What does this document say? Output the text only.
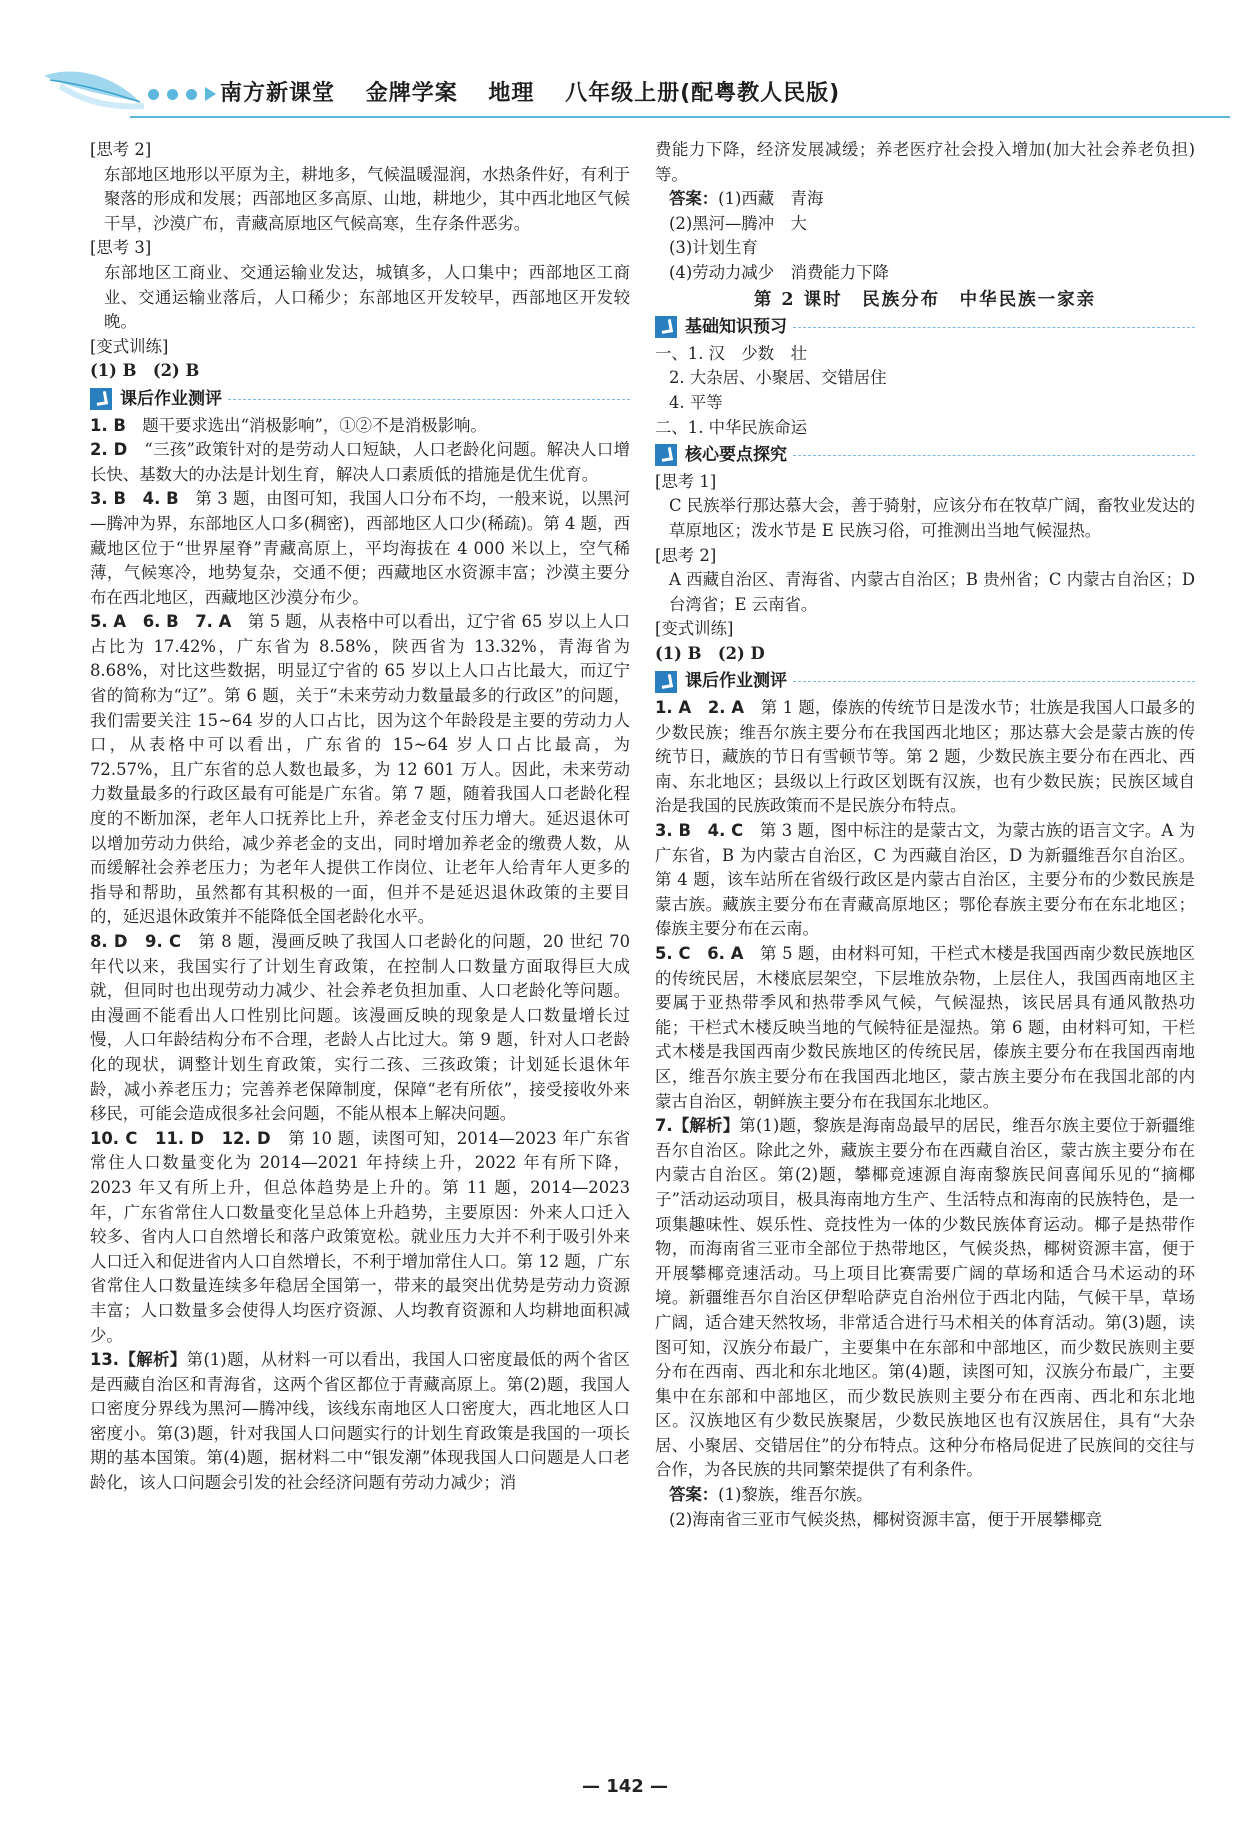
南方新课堂 金牌学案 地理 八年级上册(配粤教人民版)
[思考 2]
东部地区地形以平原为主，耕地多，气候温暖湿润，水热条件好，有利于聚落的形成和发展；西部地区多高原、山地，耕地少，其中西北地区气候干旱，沙漠广布，青藏高原地区气候高寒，生存条件恶劣。
[思考 3]
东部地区工商业、交通运输业发达，城镇多，人口集中；西部地区工商业、交通运输业落后，人口稀少；东部地区开发较早，西部地区开发较晚。
[变式训练]
(1) B　(2) B
课后作业测评
1. B　 题干要求选出“消极影响”，①②不是消极影响。
2. D　 “三孩”政策针对的是劳动人口短缺，人口老龄化问题。解决人口增长快、基数大的办法是计划生育，解决人口素质低的措施是优生优育。
3. B　4. B　 第 3 题，由图可知，我国人口分布不均，一般来说，以黑河—腾冲为界，东部地区人口多(稠密)，西部地区人口少(稀疏)。第 4 题，西藏地区位于“世界屋脊”青藏高原上，平均海拔在 4 000 米以上，空气稀薄，气候寒冷，地势复杂，交通不便；西藏地区水资源丰富；沙漠主要分布在西北地区，西藏地区沙漠分布少。
5. A　6. B　7. A　 第 5 题，从表格中可以看出，辽宁省 65 岁以上人口占比为 17.42%，广东省为 8.58%，陕西省为 13.32%，青海省为 8.68%，对比这些数据，明显辽宁省的 65 岁以上人口占比最大，而辽宁省的简称为“辽”。第 6 题，关于“未来劳动力数量最多的行政区”的问题，我们需要关注 15~64 岁的人口占比，因为这个年龄段是主要的劳动力人口，从表格中可以看出，广东省的 15~64 岁人口占比最高，为 72.57%，且广东省的总人数也最多，为 12 601 万人。因此，未来劳动力数量最多的行政区最有可能是广东省。第 7 题，随着我国人口老龄化程度的不断加深，老年人口抚养比上升，养老金支付压力增大。延迟退休可以增加劳动力供给，减少养老金的支出，同时增加养老金的缴费人数，从而缓解社会养老压力；为老年人提供工作岗位、让老年人给青年人更多的指导和帮助，虽然都有其积极的一面，但并不是延迟退休政策的主要目的，延迟退休政策并不能降低全国老龄化水平。
8. D　9. C　 第 8 题，漫画反映了我国人口老龄化的问题，20 世纪 70 年代以来，我国实行了计划生育政策，在控制人口数量方面取得巨大成就，但同时也出现劳动力减少、社会养老负担加重、人口老龄化等问题。由漫画不能看出人口性别比问题。该漫画反映的现象是人口数量增长过慢，人口年龄结构分布不合理，老龄人占比过大。第 9 题，针对人口老龄化的现状，调整计划生育政策，实行二孩、三孩政策；计划延长退休年龄，减小养老压力；完善养老保障制度，保障“老有所依”，接受接收外来移民，可能会造成很多社会问题，不能从根本上解决问题。
10. C　11. D　12. D　 第 10 题，读图可知，2014—2023 年广东省常住人口数量变化为 2014—2021 年持续上升，2022 年有所下降，2023 年又有所上升，但总体趋势是上升的。第 11 题，2014—2023 年，广东省常住人口数量变化呈总体上升趋势，主要原因：外来人口迁入较多、省内人口自然增长和落户政策宽松。就业压力大并不利于吸引外来人口迁入和促进省内人口自然增长，不利于增加常住人口。第 12 题，广东省常住人口数量连续多年稳居全国第一，带来的最突出优势是劳动力资源丰富；人口数量多会使得人均医疗资源、人均教育资源和人均耕地面积减少。
13.【解析】第(1)题，从材料一可以看出，我国人口密度最低的两个省区是西藏自治区和青海省，这两个省区都位于青藏高原上。第(2)题，我国人口密度分界线为黑河—腾冲线，该线东南地区人口密度大，西北地区人口密度小。第(3)题，针对我国人口问题实行的计划生育政策是我国的一项长期的基本国策。第(4)题，据材料二中“银发潮”体现我国人口问题是人口老龄化，该人口问题会引发的社会经济问题有劳动力减少；消
费能力下降，经济发展减缓；养老医疗社会投入增加(加大社会养老负担)等。
答案：(1)西藏　青海
(2)黑河—腾冲　大
(3)计划生育
(4)劳动力减少　消费能力下降
第 2 课时　民族分布　中华民族一家亲
基础知识预习
一、1. 汉　少数　壮
2. 大杂居、小聚居、交错居住
4. 平等
二、1. 中华民族命运
核心要点探究
[思考 1]
C 民族举行那达慕大会，善于骑射，应该分布在牧草广阔，畜牧业发达的草原地区；泼水节是 E 民族习俗，可推测出当地气候湿热。
[思考 2]
A 西藏自治区、青海省、内蒙古自治区；B 贵州省；C 内蒙古自治区；D 台湾省；E 云南省。
[变式训练]
(1) B　(2) D
课后作业测评
1. A　2. A　 第 1 题，傣族的传统节日是泼水节；壮族是我国人口最多的少数民族；维吾尔族主要分布在我国西北地区；那达慕大会是蒙古族的传统节日，藏族的节日有雪顿节等。第 2 题，少数民族主要分布在西北、西南、东北地区；县级以上行政区划既有汉族，也有少数民族；民族区域自治是我国的民族政策而不是民族分布特点。
3. B　4. C　 第 3 题，图中标注的是蒙古文，为蒙古族的语言文字。A 为广东省，B 为内蒙古自治区，C 为西藏自治区，D 为新疆维吾尔自治区。第 4 题，该车站所在省级行政区是内蒙古自治区，主要分布的少数民族是蒙古族。藏族主要分布在青藏高原地区；鄂伦春族主要分布在东北地区；傣族主要分布在云南。
5. C　6. A　 第 5 题，由材料可知，干栏式木楼是我国西南少数民族地区的传统民居，木楼底层架空，下层堆放杂物，上层住人，我国西南地区主要属于亚热带季风和热带季风气候，气候湿热，该民居具有通风散热功能；干栏式木楼反映当地的气候特征是湿热。第 6 题，由材料可知，干栏式木楼是我国西南少数民族地区的传统民居，傣族主要分布在我国西南地区，维吾尔族主要分布在我国西北地区，蒙古族主要分布在我国北部的内蒙古自治区，朝鲜族主要分布在我国东北地区。
7.【解析】第(1)题，黎族是海南岛最早的居民，维吾尔族主要位于新疆维吾尔自治区。除此之外，藏族主要分布在西藏自治区，蒙古族主要分布在内蒙古自治区。第(2)题，攀椰竞速源自海南黎族民间喜闻乐见的“摘椰子”活动运动项目，极具海南地方生产、生活特点和海南的民族特色，是一项集趣味性、娱乐性、竞技性为一体的少数民族体育运动。椰子是热带作物，而海南省三亚市全部位于热带地区，气候炎热，椰树资源丰富，便于开展攀椰竞速活动。马上项目比赛需要广阔的草场和适合马术运动的环境。新疆维吾尔自治区伊犁哈萨克自治州位于西北内陆，气候干旱，草场广阔，适合建天然牧场，非常适合进行马术相关的体育活动。第(3)题，读图可知，汉族分布最广，主要集中在东部和中部地区，而少数民族则主要分布在西南、西北和东北地区。第(4)题，读图可知，汉族分布最广，主要集中在东部和中部地区，而少数民族则主要分布在西南、西北和东北地区。汉族地区有少数民族聚居，少数民族地区也有汉族居住，具有“大杂居、小聚居、交错居住”的分布特点。这种分布格局促进了民族间的交往与合作，为各民族的共同繁荣提供了有利条件。
答案：(1)黎族，维吾尔族。
(2)海南省三亚市气候炎热，椰树资源丰富，便于开展攀椰竞
— 142 —
